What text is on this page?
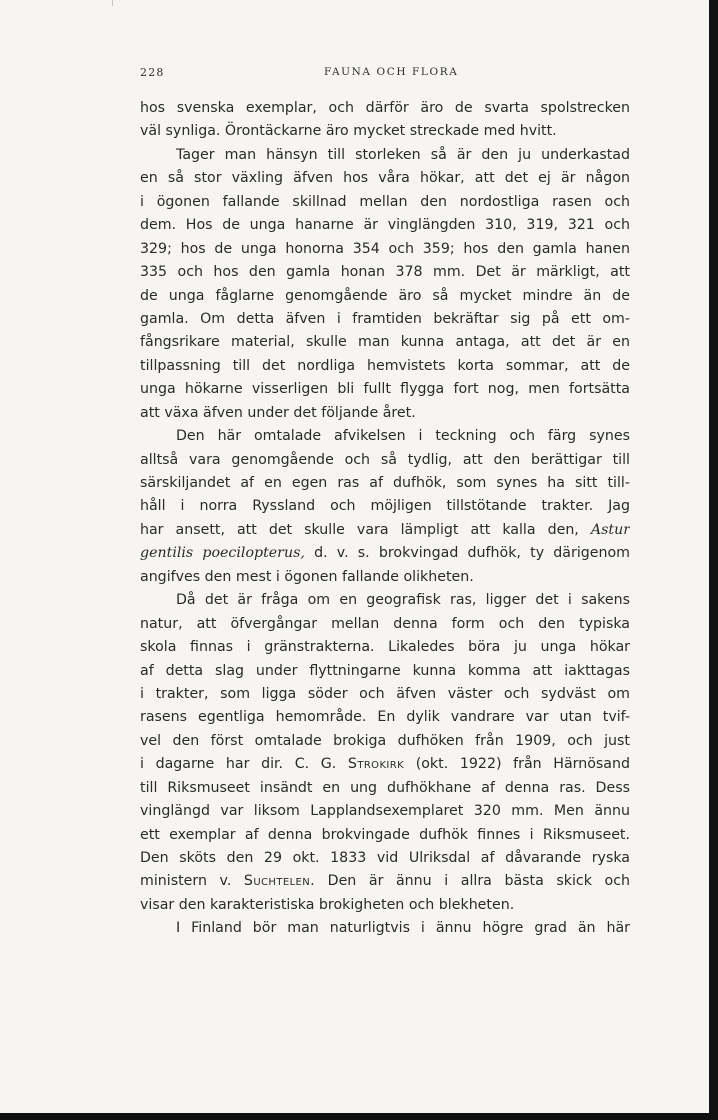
228	FAUNA OCH FLORA
hos svenska exemplar, och därför äro de svarta spolstrecken
väl synliga. Örontäckarne äro mycket streckade med hvitt.
Tager man hänsyn till storleken så är den ju underkastad
en så stor växling äfven hos våra hökar, att det ej är någon
i ögonen fallande skillnad mellan den nordostliga rasen och
dem. Hos de unga hanarne är vinglängden 310, 319, 321 och
329; hos de unga honorna 354 och 359; hos den gamla hanen
335 och hos den gamla honan 378 mm. Det är märkligt, att
de unga fåglarne genomgående äro så mycket mindre än de
gamla. Om detta äfven i framtiden bekräftar sig på ett om-
fångsrikare material, skulle man kunna antaga, att det är en
tillpassning till det nordliga hemvistets korta sommar, att de
unga hökarne visserligen bli fullt flygga fort nog, men fortsätta
att växa äfven under det följande året.
Den här omtalade afvikelsen i teckning och färg synes
alltså vara genomgående och så tydlig, att den berättigar till
särskiljandet af en egen ras af dufhök, som synes ha sitt till-
håll i norra Ryssland och möjligen tillstötande trakter. Jag
har ansett, att det skulle vara lämpligt att kalla den, Astur
gentilis poecilopterus, d. v. s. brokvingad dufhök, ty därigenom
angifves den mest i ögonen fallande olikheten.
Då det är fråga om en geografisk ras, ligger det i sakens
natur, att öfvergångar mellan denna form och den typiska
skola finnas i gränstrakterna. Likaledes böra ju unga hökar
af detta slag under flyttningarne kunna komma att iakttagas
i trakter, som ligga söder och äfven väster och sydväst om
rasens egentliga hemområde. En dylik vandrare var utan tvif-
vel den först omtalade brokiga dufhöken från 1909, och just
i dagarne har dir. C. G. Strokirk (okt. 1922) från Härnösand
till Riksmuseet insändt en ung dufhökhane af denna ras. Dess
vinglängd var liksom Lapplandsexemplaret 320 mm. Men ännu
ett exemplar af denna brokvingade dufhök finnes i Riksmuseet.
Den sköts den 29 okt. 1833 vid Ulriksdal af dåvarande ryska
ministern v. Suchtelen. Den är ännu i allra bästa skick och
visar den karakteristiska brokigheten och blekheten.
I Finland bör man naturligtvis i ännu högre grad än här
